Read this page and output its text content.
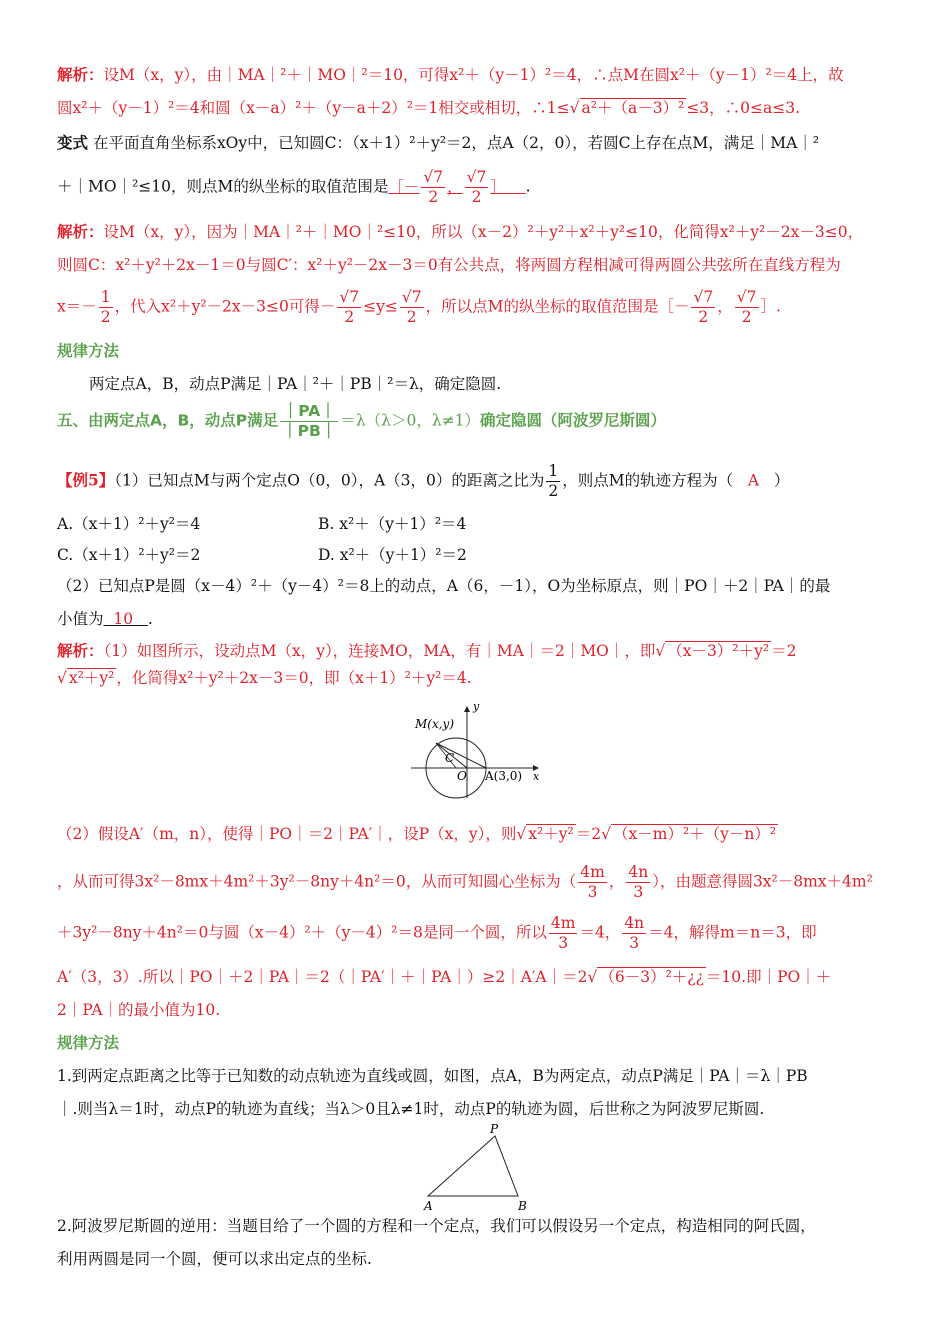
解析：设M（x，y），由｜MA｜²＋｜MO｜²＝10，可得x²＋（y－1）²＝4，∴点M在圆x²＋（y－1）²＝4上，故
圆x²＋（y－1）²＝4和圆（x－a）²＋（y－a＋2）²＝1相交或相切，∴1≤√ a²＋（a－3）² ≤3，∴0≤a≤3.
变式 在平面直角坐标系xOy中，已知圆C：（x＋1）²＋y²＝2，点A（2，0），若圆C上存在点M，满足｜MA｜²
＋｜MO｜²≤10，则点M的纵坐标的取值范围是［－ $\frac{√7}{2}$ ， $\frac{√7}{2}$ ］ .
解析：设M（x，y），因为｜MA｜²＋｜MO｜²≤10，所以（x－2）²＋y²＋x²＋y²≤10，化简得x²＋y²－2x－3≤0，
则圆C：x²＋y²＋2x－1＝0与圆C′：x²＋y²－2x－3＝0有公共点，将两圆方程相减可得两圆公共弦所在直线方程为
$x=- \frac{1}{2}$ ，代入x²＋y²－2x－3≤0可得－ $\frac{√7}{2} \le y\le \frac{√7}{2}$ ，所以点M的纵坐标的取值范围是［－ $\frac{√7}{2}$ ， $\frac{√7}{2}$ ］.
规律方法
两定点A，B，动点P满足｜PA｜²＋｜PB｜²＝λ，确定隐圆.
五、由两定点A，B，动点P满足 $\frac{|PA|}{|PB|} =\lambda(\lambda>0$，λ≠1）确定隐圆（阿波罗尼斯圆）
【例5】（1）已知点M与两个定点O（0，0），A（3，0）的距离之比为 $\frac{1}{2}$ ，则点M的轨迹方程为（ A ）
A.（x＋1）²＋y²＝4	B. x²＋（y＋1）²＝4
C.（x＋1）²＋y²＝2	D. x²＋（y＋1）²＝2
（2）已知点P是圆（x－4）²＋（y－4）²＝8上的动点，A（6，－1），O为坐标原点，则｜PO｜＋2｜PA｜的最
小值为 10 .
解析：（1）如图所示，设动点M（x，y），连接MO，MA，有｜MA｜＝2｜MO｜，即√ （x－3）²＋y² ＝2
√ x²＋y² ，化简得x²＋y²＋2x－3＝0，即（x＋1）²＋y²＝4.
M(x,y)
C
O A(3,0) x
y
（2）假设A′（m，n），使得｜PO｜＝2｜PA′｜，设P（x，y），则√ x²＋y² ＝2√ （x－m）²＋（y－n）²
，从而可得3x²－8mx＋4m²＋3y²－8ny＋4n²＝0，从而可知圆心坐标为（ $\frac{4m}{3}$ ， $\frac{4n}{3}$ ），由题意得圆3x²－8mx＋4m²
＋3y²－8ny＋4n²＝0与圆（x－4）²＋（y－4）²＝8是同一个圆，所以 $\frac{4m}{3} =4$， $\frac{4n}{3} =4$，解得m＝n＝3，即
A′（3，3）.所以｜PO｜＋2｜PA｜＝2（｜PA′｜＋｜PA｜）≥2｜A′A｜＝2√ （6－3）²＋¿¿ ＝10.即｜PO｜＋
2｜PA｜的最小值为10.
规律方法
1.到两定点距离之比等于已知数的动点轨迹为直线或圆，如图，点A，B为两定点，动点P满足｜PA｜＝λ｜PB
｜.则当λ＝1时，动点P的轨迹为直线；当λ＞0且λ≠1时，动点P的轨迹为圆，后世称之为阿波罗尼斯圆.
P
A	B
2.阿波罗尼斯圆的逆用：当题目给了一个圆的方程和一个定点，我们可以假设另一个定点，构造相同的阿氏圆，
利用两圆是同一个圆，便可以求出定点的坐标.
